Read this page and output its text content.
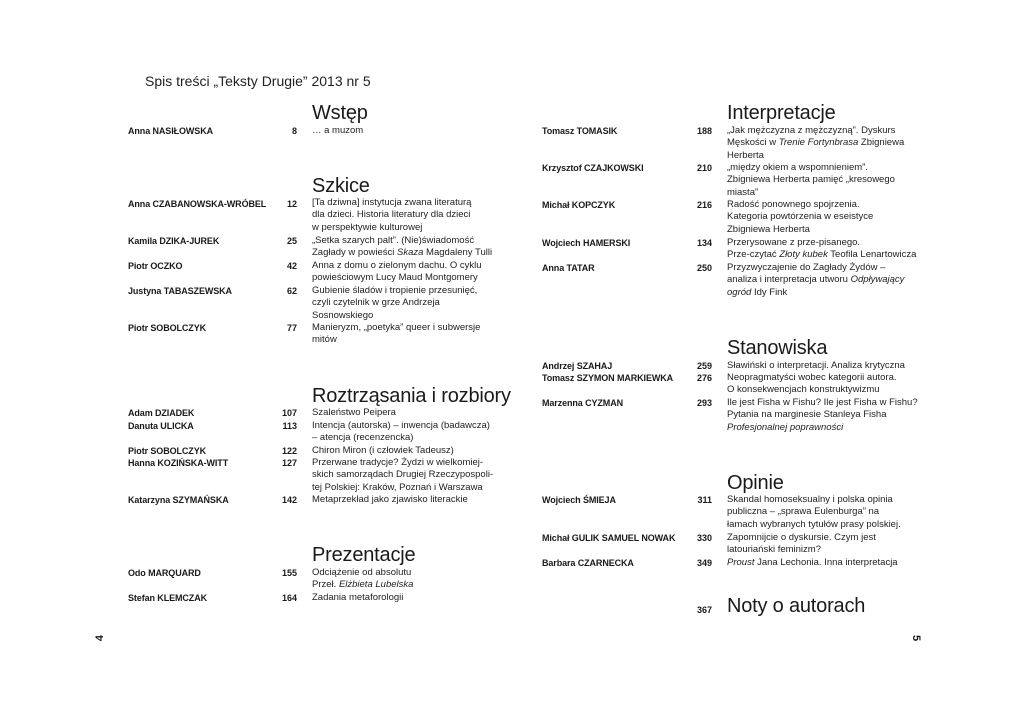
Spis treści „Teksty Drugie” 2013 nr 5
Wstęp
Anna NASIŁOWSKA	8 … a muzom
Szkice
Anna CZABANOWSKA-WRÓBEL	12 [Ta dziwna] instytucja zwana literaturą
dla dzieci. Historia literatury dla dzieci
w perspektywie kulturowej
Kamila DZIKA-JUREK	25 „Setka szarych palt”. (Nie)świadomość
Zagłady w powieści Skaza Magdaleny Tulli
Piotr OCZKO	42 Anna z domu o zielonym dachu. O cyklu
powieściowym Lucy Maud Montgomery
Justyna TABASZEWSKA	62 Gubienie śladów i tropienie przesunięć,
czyli czytelnik w grze Andrzeja
Sosnowskiego
Piotr SOBOLCZYK	77 Manieryzm, „poetyka” queer i subwersje
mitów
Roztrząsania i rozbiory
Adam DZIADEK	107 Szaleństwo Peipera
Danuta ULICKA	113 Intencja (autorska) – inwencja (badawcza)
– atencja (recenzencka)
Piotr SOBOLCZYK	122 Chiron Miron (i człowiek Tadeusz)
Hanna KOZIŃSKA-WITT	127 Przerwane tradycje? Żydzi w wielkomiej-
skich samorządach Drugiej Rzeczypospoli-
tej Polskiej: Kraków, Poznań i Warszawa
Katarzyna SZYMAŃSKA	142 Metaprzekład jako zjawisko literackie
Prezentacje
Odo MARQUARD	155 Odciążenie od absolutu
Przeł. Elżbieta Lubelska
Stefan KLEMCZAK	164 Zadania metaforologii
Interpretacje
Tomasz TOMASIK	188 „Jak mężczyzna z mężczyzną”. Dyskurs
Męskości w Trenie Fortynbrasa Zbigniewa
Herberta
Krzysztof CZAJKOWSKI	210 „między okiem a wspomnieniem”.
Zbigniewa Herberta pamięć „kresowego
miasta”
Michał KOPCZYK	216 Radość ponownego spojrzenia.
Kategoria powtórzenia w eseistyce
Zbigniewa Herberta
Wojciech HAMERSKI	134 Przerysowane z prze-pisanego.
Prze-czytać Złoty kubek Teofila Lenartowicza
Anna TATAR	250 Przyzwyczajenie do Zagłady Żydów –
analiza i interpretacja utworu Odpływający
ogród Idy Fink
Stanowiska
Andrzej SZAHAJ	259 Sławiński o interpretacji. Analiza krytyczna
Tomasz SZYMON MARKIEWKA	276 Neopragmatyści wobec kategorii autora.
O konsekwencjach konstruktywizmu
Marzenna CYZMAN	293 Ile jest Fisha w Fishu? Ile jest Fisha w Fishu?
Pytania na marginesie Stanleya Fisha
Profesjonalnej poprawności
Opinie
Wojciech ŚMIEJA	311 Skandal homoseksualny i polska opinia
publiczna – „sprawa Eulenburga” na
łamach wybranych tytułów prasy polskiej.
Michał GULIK SAMUEL NOWAK	330 Zapomnijcie o dyskursie. Czym jest
latouriański feminizm?
Barbara CZARNECKA	349 Proust Jana Lechonia. Inna interpretacja
367 Noty o autorach
4	5
